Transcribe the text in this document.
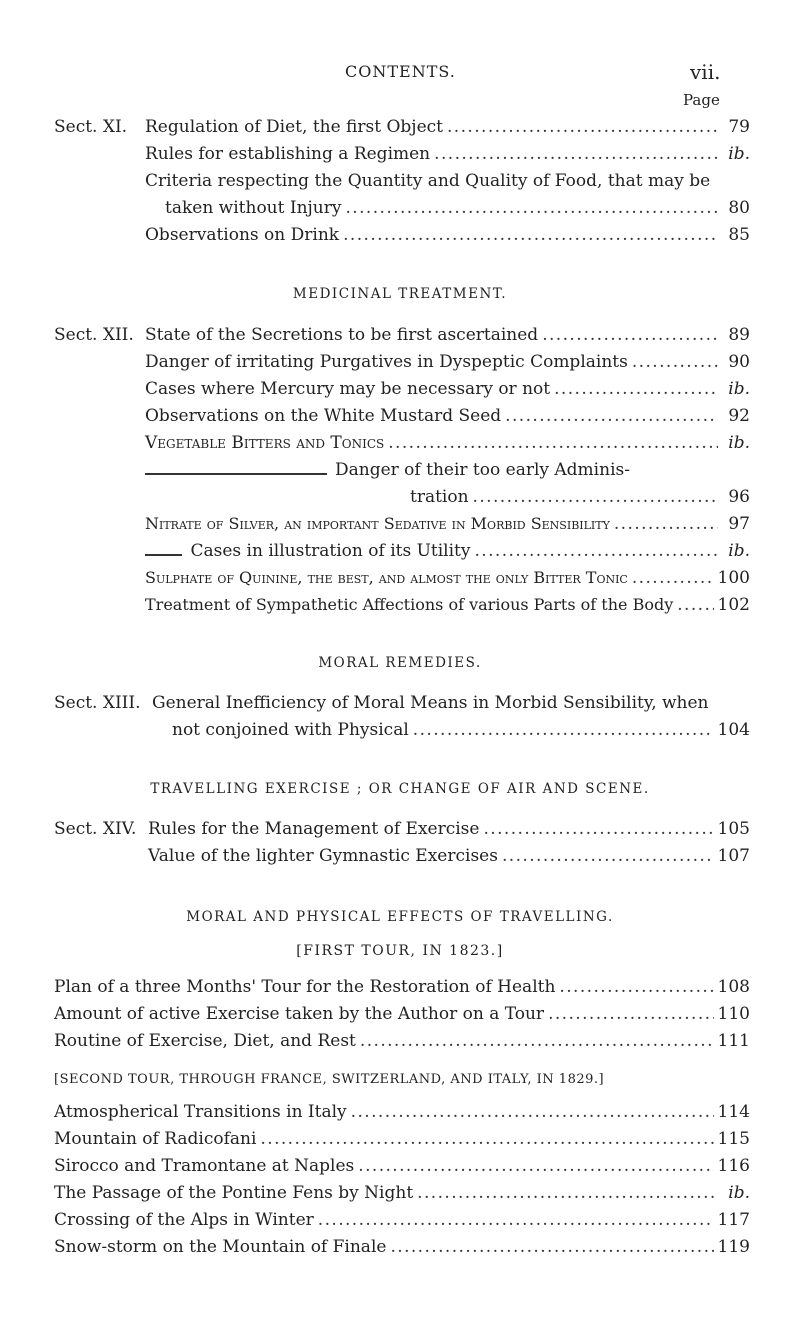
CONTENTS.	vii.
Page
Sect. XI. Regulation of Diet, the first Object . . .	79
Rules for establishing a Regimen . . .	ib.
Criteria respecting the Quantity and Quality of Food, that may be
taken without Injury . . .	80
Observations on Drink . . .	85
MEDICINAL TREATMENT.
Sect. XII. State of the Secretions to be first ascertained . . .	89
Danger of irritating Purgatives in Dyspeptic Complaints . . .	90
Cases where Mercury may be necessary or not . . .	ib.
Observations on the White Mustard Seed . . .	92
Vegetable Bitters and Tonics . . .	ib.
Danger of their too early Adminis-
tration . . .	96
Nitrate of Silver, an important Sedative in Morbid Sensibility . . .	97
Cases in illustration of its Utility . . .	ib.
Sulphate of Quinine, the best, and almost the only Bitter Tonic . . .	100
Treatment of Sympathetic Affections of various Parts of the Body . . .	102
MORAL REMEDIES.
Sect. XIII. General Inefficiency of Moral Means in Morbid Sensibility, when
not conjoined with Physical . . .	104
TRAVELLING EXERCISE ; OR CHANGE OF AIR AND SCENE.
Sect. XIV. Rules for the Management of Exercise . . .	105
Value of the lighter Gymnastic Exercises . . .	107
MORAL AND PHYSICAL EFFECTS OF TRAVELLING.
[FIRST TOUR, IN 1823.]
Plan of a three Months' Tour for the Restoration of Health . . .	108
Amount of active Exercise taken by the Author on a Tour . . .	110
Routine of Exercise, Diet, and Rest . . .	111
[SECOND TOUR, THROUGH FRANCE, SWITZERLAND, AND ITALY, IN 1829.]
Atmospherical Transitions in Italy . . .	114
Mountain of Radicofani . . .	115
Sirocco and Tramontane at Naples . . .	116
The Passage of the Pontine Fens by Night . . .	ib.
Crossing of the Alps in Winter . . .	117
Snow-storm on the Mountain of Finale . . .	119
